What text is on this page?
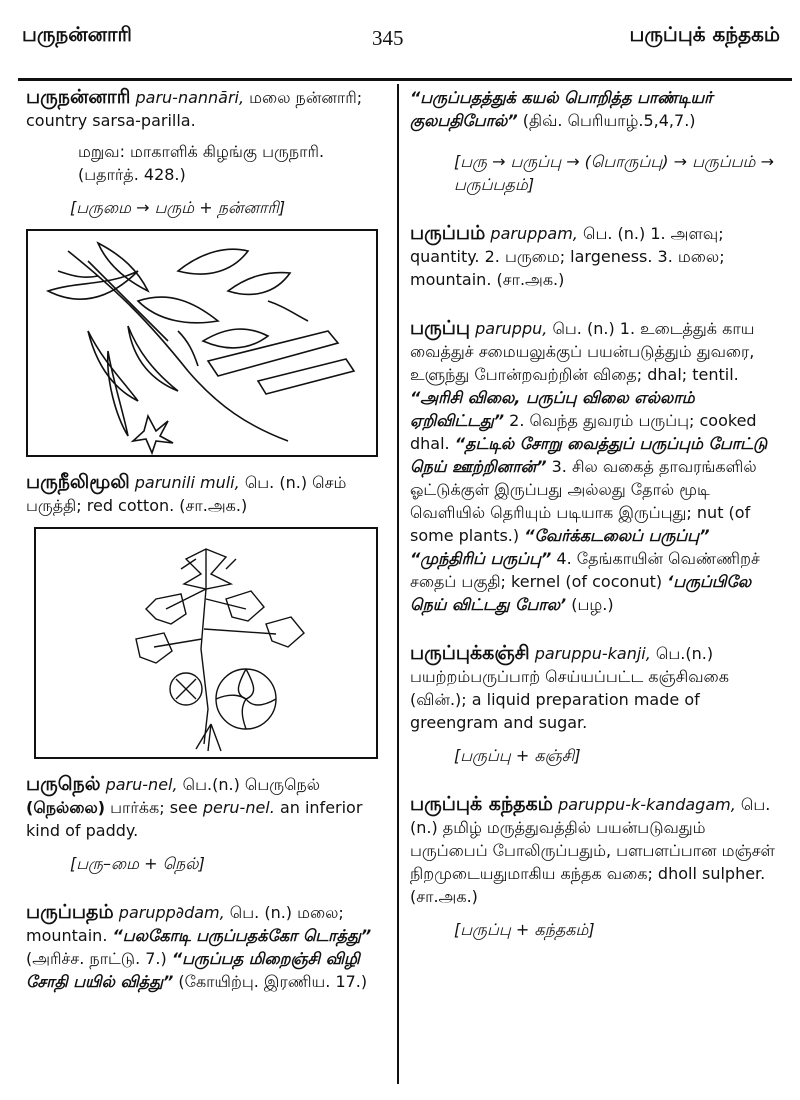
பருநன்னாரி	345	பருப்புக் கந்தகம்

பருநன்னாரி paru-nannāri, மலை நன்னாரி; country sarsa-parilla.

மறுவ: மாகாளிக் கிழங்கு பருநாரி. (பதார்த். 428.)

[பருமை → பரும் + நன்னாரி]

பருநீலிமூலி parunili muli, பெ. (n.) செம் பருத்தி; red cotton. (சா.அக.)

பருநெல் paru-nel, பெ.(n.) பெருநெல் (நெல்லை) பார்க்க; see peru-nel. an inferior kind of paddy.

[பரு–மை + நெல்]

பருப்பதம் parupp∂dam, பெ. (n.) மலை; mountain. “பலகோடி பருப்பதக்கோ டொத்து” (அரிச்ச. நாட்டு. 7.) “பருப்பத மிறைஞ்சி விழி சோதி பயில் வித்து” (கோயிற்பு. இரணிய. 17.)

“பருப்பதத்துக் கயல் பொறித்த பாண்டியர் குலபதிபோல்” (திவ். பெரியாழ்.5,4,7.)

[பரு → பருப்பு → (பொருப்பு) → பருப்பம் → பருப்பதம்]

பருப்பம் paruppam, பெ. (n.) 1. அளவு; quantity. 2. பருமை; largeness. 3. மலை; mountain. (சா.அக.)

பருப்பு paruppu, பெ. (n.) 1. உடைத்துக் காய வைத்துச் சமையலுக்குப் பயன்படுத்தும் துவரை, உளுந்து போன்றவற்றின் விதை; dhal; tentil. “அரிசி விலை, பருப்பு விலை எல்லாம் ஏறிவிட்டது” 2. வெந்த துவரம் பருப்பு; cooked dhal. “தட்டில் சோறு வைத்துப் பருப்பும் போட்டு நெய் ஊற்றினான்” 3. சில வகைத் தாவரங்களில் ஓட்டுக்குள் இருப்பது அல்லது தோல் மூடி வெளியில் தெரியும் படியாக இருப்புது; nut (of some plants.) “வேர்க்கடலைப் பருப்பு” “முந்திரிப் பருப்பு” 4. தேங்காயின் வெண்ணிறச் சதைப் பகுதி; kernel (of coconut) ‘பருப்பிலே நெய் விட்டது போல’ (பழ.)

பருப்புக்கஞ்சி paruppu-kanji, பெ.(n.) பயற்றம்பருப்பாற் செய்யப்பட்ட கஞ்சிவகை (வின்.); a liquid preparation made of greengram and sugar.

[பருப்பு + கஞ்சி]

பருப்புக் கந்தகம் paruppu-k-kandagam, பெ. (n.) தமிழ் மருத்துவத்தில் பயன்படுவதும் பருப்பைப் போலிருப்பதும், பளபளப்பான மஞ்சள் நிறமுடையதுமாகிய கந்தக வகை; dholl sulpher. (சா.அக.)

[பருப்பு + கந்தகம்]
